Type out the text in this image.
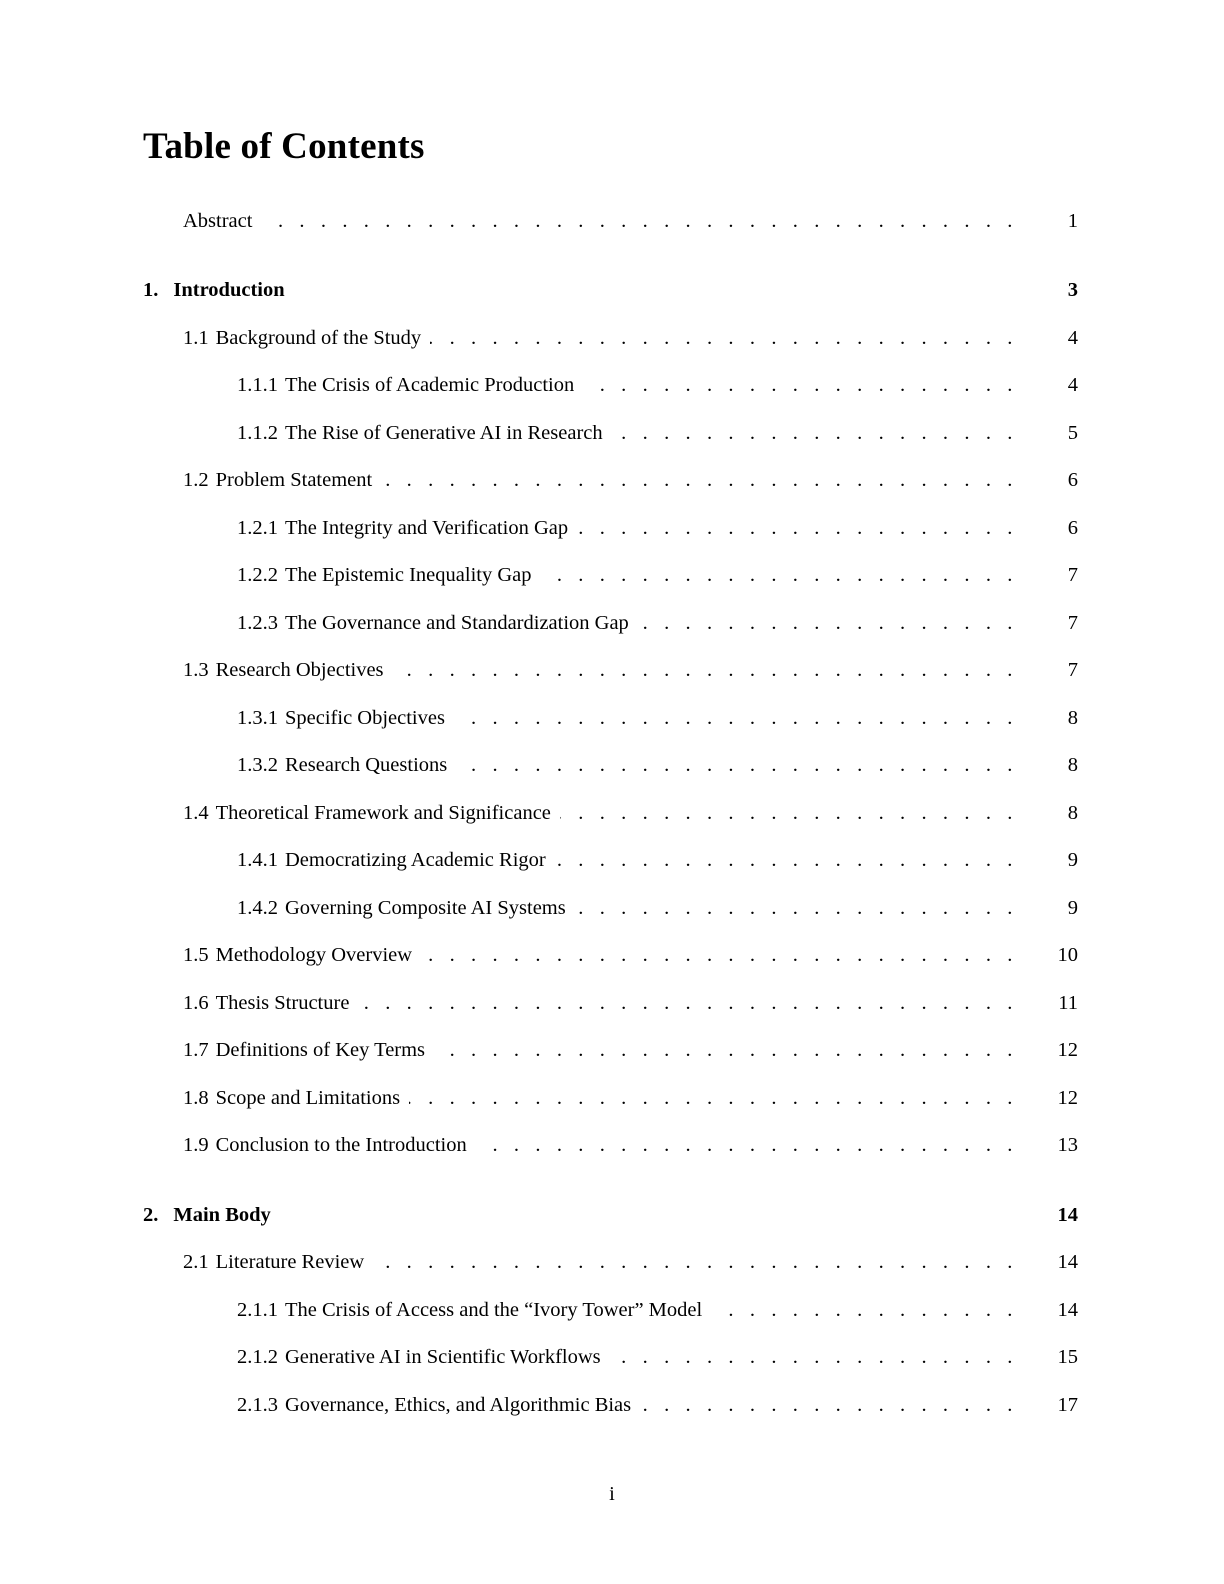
Table of Contents
Abstract . . .	1
1. Introduction	3
1.1 Background of the Study . . .	4
1.1.1 The Crisis of Academic Production . . .	4
1.1.2 The Rise of Generative AI in Research . . .	5
1.2 Problem Statement . . .	6
1.2.1 The Integrity and Verification Gap . . .	6
1.2.2 The Epistemic Inequality Gap . . .	7
1.2.3 The Governance and Standardization Gap . . .	7
1.3 Research Objectives . . .	7
1.3.1 Specific Objectives . . .	8
1.3.2 Research Questions . . .	8
1.4 Theoretical Framework and Significance . . .	8
1.4.1 Democratizing Academic Rigor . . .	9
1.4.2 Governing Composite AI Systems . . .	9
1.5 Methodology Overview . . .	10
1.6 Thesis Structure . . .	11
1.7 Definitions of Key Terms . . .	12
1.8 Scope and Limitations . . .	12
1.9 Conclusion to the Introduction . . .	13
2. Main Body	14
2.1 Literature Review . . .	14
2.1.1 The Crisis of Access and the “Ivory Tower” Model . . .	14
2.1.2 Generative AI in Scientific Workflows . . .	15
2.1.3 Governance, Ethics, and Algorithmic Bias . . .	17
i
